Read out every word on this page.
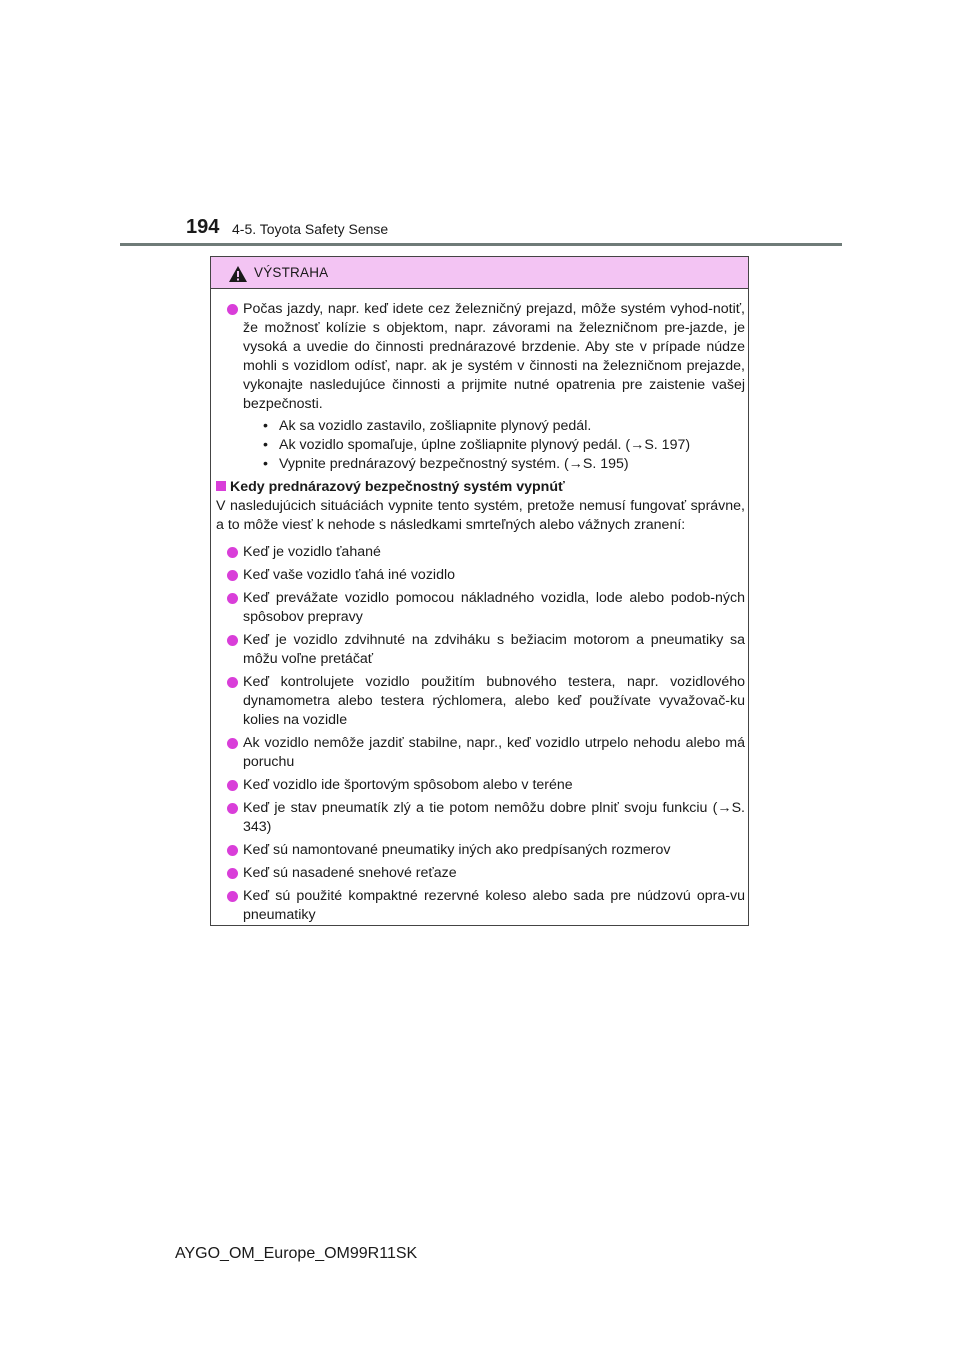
194 4-5. Toyota Safety Sense
VÝSTRAHA
Počas jazdy, napr. keď idete cez železničný prejazd, môže systém vyhod-notiť, že možnosť kolízie s objektom, napr. závorami na železničnom pre-jazde, je vysoká a uvedie do činnosti prednárazové brzdenie. Aby ste v prípade núdze mohli s vozidlom odísť, napr. ak je systém v činnosti na železničnom prejazde, vykonajte nasledujúce činnosti a prijmite nutné opatrenia pre zaistenie vašej bezpečnosti.
• Ak sa vozidlo zastavilo, zošliapnite plynový pedál.
• Ak vozidlo spomaľuje, úplne zošliapnite plynový pedál. (→S. 197)
• Vypnite prednárazový bezpečnostný systém. (→S. 195)
Kedy prednárazový bezpečnostný systém vypnúť
V nasledujúcich situáciách vypnite tento systém, pretože nemusí fungovať správne, a to môže viesť k nehode s následkami smrteľných alebo vážnych zranení:
Keď je vozidlo ťahané
Keď vaše vozidlo ťahá iné vozidlo
Keď prevážate vozidlo pomocou nákladného vozidla, lode alebo podob-ných spôsobov prepravy
Keď je vozidlo zdvihnuté na zdviháku s bežiacim motorom a pneumatiky sa môžu voľne pretáčať
Keď kontrolujete vozidlo použitím bubnového testera, napr. vozidlového dynamometra alebo testera rýchlomera, alebo keď používate vyvažovač-ku kolies na vozidle
Ak vozidlo nemôže jazdiť stabilne, napr., keď vozidlo utrpelo nehodu alebo má poruchu
Keď vozidlo ide športovým spôsobom alebo v teréne
Keď je stav pneumatík zlý a tie potom nemôžu dobre plniť svoju funkciu (→S. 343)
Keď sú namontované pneumatiky iných ako predpísaných rozmerov
Keď sú nasadené snehové reťaze
Keď sú použité kompaktné rezervné koleso alebo sada pre núdzovú opra-vu pneumatiky
AYGO_OM_Europe_OM99R11SK
